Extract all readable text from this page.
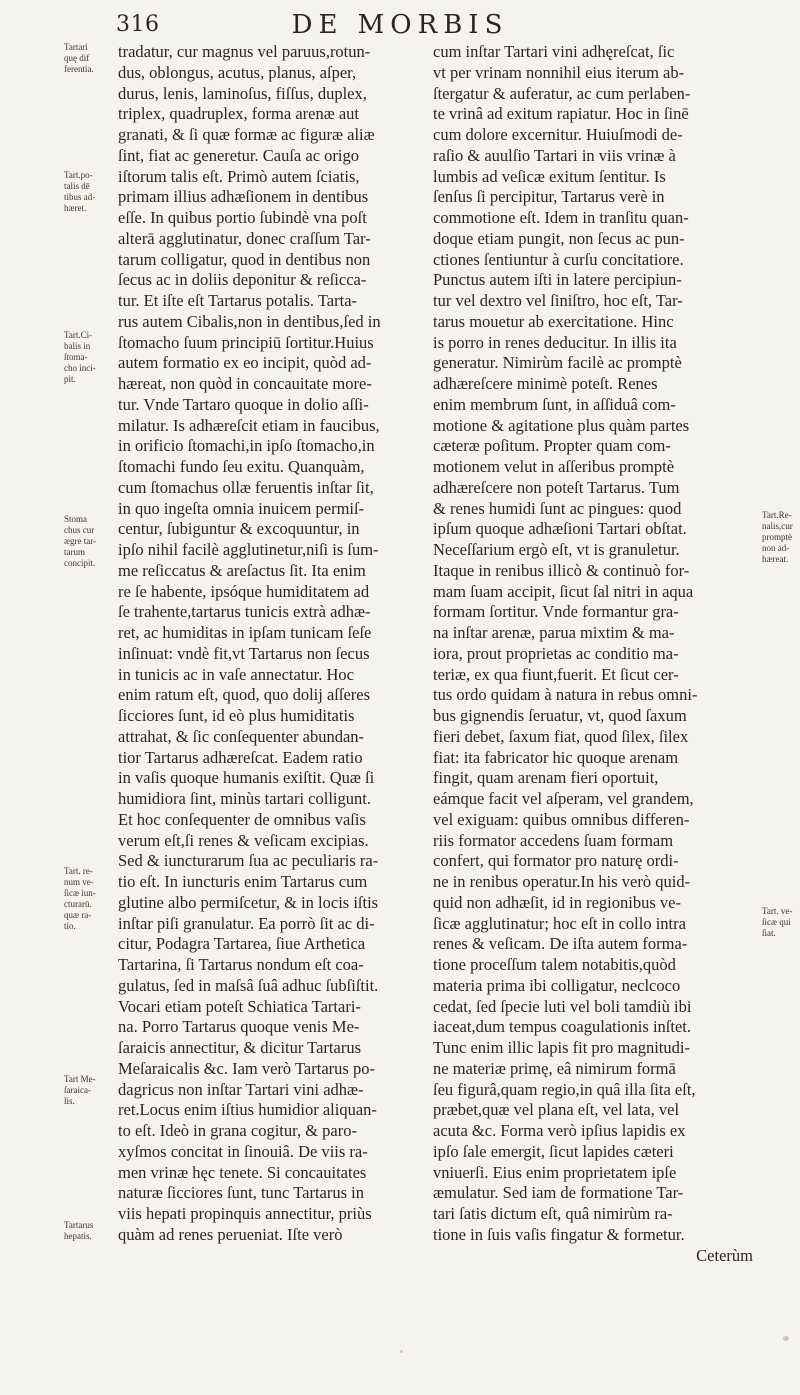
316	DE MORBIS
tradatur, cur magnus vel paruus,rotun-
dus, oblongus, acutus, planus, aſper,
durus, lenis, laminoſus, fiſſus, duplex,
triplex, quadruplex, forma arenæ aut
granati, & ſi quæ formæ ac figuræ aliæ
ſint, fiat ac generetur. Cauſa ac origo
iſtorum talis eſt. Primò autem ſciatis,
primam illius adhæſionem in dentibus
eſſe. In quibus portio ſubindè vna poſt
alterā agglutinatur, donec craſſum Tar-
tarum colligatur, quod in dentibus non
ſecus ac in doliis deponitur & reſicca-
tur. Et iſte eſt Tartarus potalis. Tarta-
rus autem Cibalis,non in dentibus,ſed in
ſtomacho ſuum principiū ſortitur.Huius
autem formatio ex eo incipit, quòd ad-
hæreat, non quòd in concauitate more-
tur. Vnde Tartaro quoque in dolio aſſi-
milatur. Is adhæreſcit etiam in faucibus,
in orificio ſtomachi,in ipſo ſtomacho,in
ſtomachi fundo ſeu exitu. Quanquàm,
cum ſtomachus ollæ feruentis inſtar ſit,
in quo ingeſta omnia inuicem permiſ-
centur, ſubiguntur & excoquuntur, in
ipſo nihil facilè agglutinetur,niſi is ſum-
me reſiccatus & areſactus ſit. Ita enim
re ſe habente, ipsóque humiditatem ad
ſe trahente,tartarus tunicis extrà adhæ-
ret, ac humiditas in ipſam tunicam ſeſe
inſinuat: vndè fit,vt Tartarus non ſecus
in tunicis ac in vaſe annectatur. Hoc
enim ratum eſt, quod, quo dolij aſſeres
ſicciores ſunt, id eò plus humiditatis
attrahat, & ſic conſequenter abundan-
tior Tartarus adhæreſcat. Eadem ratio
in vaſis quoque humanis exiſtit. Quæ ſi
humidiora ſint, minùs tartari colligunt.
Et hoc conſequenter de omnibus vaſis
verum eſt,ſi renes & veſicam excipias.
Sed & iuncturarum ſua ac peculiaris ra-
tio eſt. In iuncturis enim Tartarus cum
glutine albo permiſcetur, & in locis iſtis
inſtar piſi granulatur. Ea porrò ſit ac di-
citur, Podagra Tartarea, ſiue Arthetica
Tartarina, ſi Tartarus nondum eſt coa-
gulatus, ſed in maſsâ ſuâ adhuc ſubſiſtit.
Vocari etiam poteſt Schiatica Tartari-
na. Porro Tartarus quoque venis Me-
ſaraicis annectitur, & dicitur Tartarus
Meſaraicalis &c. Iam verò Tartarus po-
dagricus non inſtar Tartari vini adhæ-
ret.Locus enim iſtius humidior aliquan-
to eſt. Ideò in grana cogitur, & paro-
xyſmos concitat in ſinouiâ. De viis ra-
men vrinæ hęc tenete. Si concauitates
naturæ ſicciores ſunt, tunc Tartarus in
viis hepati propinquis annectitur, priùs
quàm ad renes perueniat. Iſte verò
cum inſtar Tartari vini adhęreſcat, ſic
vt per vrinam nonnihil eius iterum ab-
ſtergatur & auferatur, ac cum perlaben-
te vrinâ ad exitum rapiatur. Hoc in ſinē
cum dolore excernitur. Huiuſmodi de-
raſio & auulſio Tartari in viis vrinæ à
lumbis ad veſicæ exitum ſentitur. Is
ſenſus ſi percipitur, Tartarus verè in
commotione eſt. Idem in tranſitu quan-
doque etiam pungit, non ſecus ac pun-
ctiones ſentiuntur à curſu concitatiore.
Punctus autem iſti in latere percipiun-
tur vel dextro vel ſiniſtro, hoc eſt, Tar-
tarus mouetur ab exercitatione. Hinc
is porro in renes deducitur. In illis ita
generatur. Nimirùm facilè ac promptè
adhæreſcere minimè poteſt. Renes
enim membrum ſunt, in aſſiduâ com-
motione & agitatione plus quàm partes
cæteræ poſitum. Propter quam com-
motionem velut in aſſeribus promptè
adhæreſcere non poteſt Tartarus. Tum
& renes humidi ſunt ac pingues: quod
ipſum quoque adhæſioni Tartari obſtat.
Neceſſarium ergò eſt, vt is granuletur.
Itaque in renibus illicò & continuò for-
mam ſuam accipit, ſicut ſal nitri in aqua
formam ſortitur. Vnde formantur gra-
na inſtar arenæ, parua mixtim & ma-
iora, prout proprietas ac conditio ma-
teriæ, ex qua fiunt,fuerit. Et ſicut cer-
tus ordo quidam à natura in rebus omni-
bus gignendis ſeruatur, vt, quod ſaxum
fieri debet, ſaxum fiat, quod ſilex, ſilex
fiat: ita fabricator hic quoque arenam
fingit, quam arenam fieri oportuit,
eámque facit vel aſperam, vel grandem,
vel exiguam: quibus omnibus differen-
riis formator accedens ſuam formam
confert, qui formator pro naturę ordi-
ne in renibus operatur.In his verò quid-
quid non adhæſit, id in regionibus ve-
ſicæ agglutinatur; hoc eſt in collo intra
renes & veſicam. De iſta autem forma-
tione proceſſum talem notabitis,quòd
materia prima ibi colligatur, neclcoco
cedat, ſed ſpecie luti vel boli tamdiù ibi
iaceat,dum tempus coagulationis inſtet.
Tunc enim illic lapis fit pro magnitudi-
ne materiæ primę, eâ nimirum formā
ſeu figurâ,quam regio,in quâ illa ſita eſt,
præbet,quæ vel plana eſt, vel lata, vel
acuta &c. Forma verò ipſius lapidis ex
ipſo ſale emergit, ſicut lapides cæteri
vniuerſi. Eius enim proprietatem ipſe
æmulatur. Sed iam de formatione Tar-
tari ſatis dictum eſt, quâ nimirùm ra-
tione in ſuis vaſis fingatur & formetur.
Ceterùm
Tartari
quę dif
ferentia.
Tart.po-
talis dē
tibus ad-
hæret.
Tart.Ci-
balis in
ſtoma-
cho inci-
pit.
Stoma
chus cur
ægre tar-
tarum
concipit.
Tart.Re-
nalis,cur
promptè
non ad-
hæreat.
Tart. re-
num ve-
ſicæ iun-
cturarū.
quæ ra-
tio.
Tart. ve-
ſicæ qui
ſiat.
Tart Me-
ſaraica-
lis.
Tartarus
hepatis.
